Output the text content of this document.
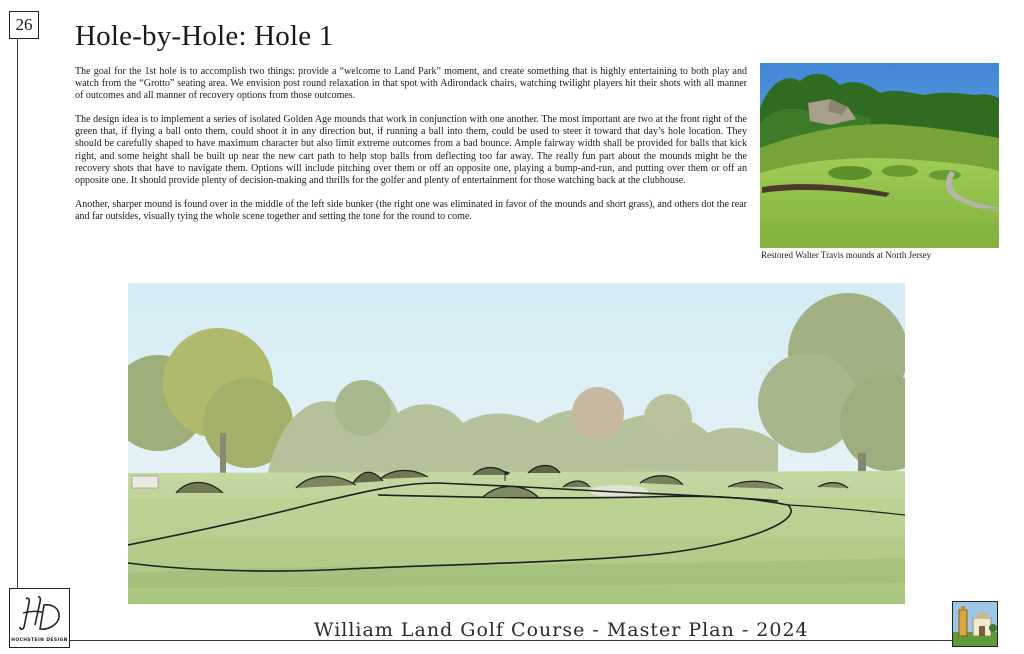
26 Hole-by-Hole: Hole 1

The goal for the 1st hole is to accomplish two things: provide a “welcome to Land Park” moment, and create something that is highly entertaining to both play and watch from the “Grotto” seating area. We envision post round relaxation in that spot with Adirondack chairs, watching twilight players hit their shots with all manner of outcomes and all manner of recovery options from those outcomes.

The design idea is to implement a series of isolated Golden Age mounds that work in conjunction with one another. The most important are two at the front right of the green that, if flying a ball onto them, could shoot it in any direction but, if running a ball into them, could be used to steer it toward that day’s hole location. They should be carefully shaped to have maximum character but also limit extreme outcomes from a bad bounce. Ample fairway width shall be provided for balls that kick right, and some height shall be built up near the new cart path to help stop balls from deflecting too far away. The really fun part about the mounds might be the recovery shots that have to navigate them. Options will include pitching over them or off an opposite one, playing a bump-and-run, and putting over them or off an opposite one. It should provide plenty of decision-making and thrills for the golfer and plenty of entertainment for those watching back at the clubhouse.

Another, sharper mound is found over in the middle of the left side bunker (the right one was eliminated in favor of the mounds and short grass), and others dot the rear and far outsides, visually tying the whole scene together and setting the tone for the round to come.

Restored Walter Travis mounds at North Jersey
HOCHSTEIN DESIGN	William Land Golf Course - Master Plan - 2024
